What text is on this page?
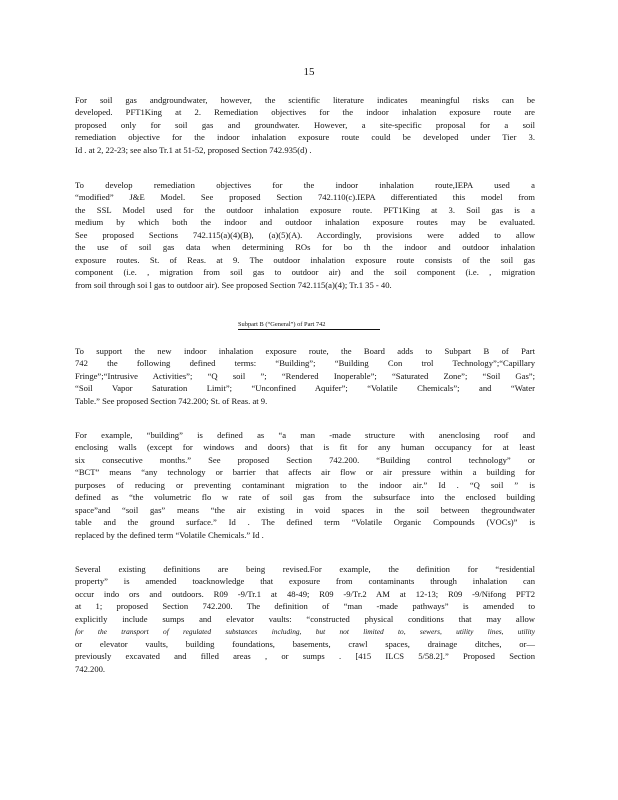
15
For soil gas andgroundwater, however, the scientific literature indicates meaningful risks can be
developed. PFT1King at 2. Remediation objectives for the indoor inhalation exposure route are
proposed only for soil gas and groundwater. However, a site-specific proposal for a soil
remediation objective for the indoor inhalation exposure route could be developed under Tier 3.
Id . at 2, 22-23; see also Tr.1 at 51-52, proposed Section 742.935(d) .
To develop remediation objectives for the indoor inhalation route,IEPA used a
“modified” J&E Model. See proposed Section 742.110(c).IEPA differentiated this model from
the SSL Model used for the outdoor inhalation exposure route. PFT1King at 3. Soil gas is a
medium by which both the indoor and outdoor inhalation exposure routes may be evaluated.
See proposed Sections 742.115(a)(4)(B), (a)(5)(A). Accordingly, provisions were added to allow
the use of soil gas data when determining ROs for bo th the indoor and outdoor inhalation
exposure routes. St. of Reas. at 9. The outdoor inhalation exposure route consists of the soil gas
component (i.e. , migration from soil gas to outdoor air) and the soil component (i.e. , migration
from soil through soi l gas to outdoor air). See proposed Section 742.115(a)(4); Tr.1 35 - 40.
Subpart B (“General”) of Part 742
To support the new indoor inhalation exposure route, the Board adds to Subpart B of Part
742 the following defined terms: “Building”; “Building Con trol Technology”;“Capillary
Fringe”;“Intrusive Activities”; “Q soil ”; “Rendered Inoperable”; “Saturated Zone”; “Soil Gas”;
“Soil Vapor Saturation Limit”; “Unconfined Aquifer”; “Volatile Chemicals”; and “Water
Table.” See proposed Section 742.200; St. of Reas. at 9.
For example, “building” is defined as “a man -made structure with anenclosing roof and
enclosing walls (except for windows and doors) that is fit for any human occupancy for at least
six consecutive months.” See proposed Section 742.200. “Building control technology” or
“BCT” means “any technology or barrier that affects air flow or air pressure within a building for
purposes of reducing or preventing contaminant migration to the indoor air.” Id . “Q soil ” is
defined as “the volumetric flo w rate of soil gas from the subsurface into the enclosed building
space”and “soil gas” means “the air existing in void spaces in the soil between thegroundwater
table and the ground surface.” Id . The defined term “Volatile Organic Compounds (VOCs)” is
replaced by the defined term “Volatile Chemicals.” Id .
Several existing definitions are being revised.For example, the definition for “residential
property” is amended toacknowledge that exposure from contaminants through inhalation can
occur indo ors and outdoors. R09 -9/Tr.1 at 48-49; R09 -9/Tr.2 AM at 12-13; R09 -9/Nifong PFT2
at 1; proposed Section 742.200. The definition of “man -made pathways” is amended to
explicitly include sumps and elevator vaults: “constructed physical conditions that may allow
for the transport of regulated substances including, but not limited to, sewers, utility lines, utility
or elevator vaults, building foundations, basements, crawl spaces, drainage ditches, or—
previously excavated and filled areas , or sumps . [415 ILCS 5/58.2].” Proposed Section
742.200.
